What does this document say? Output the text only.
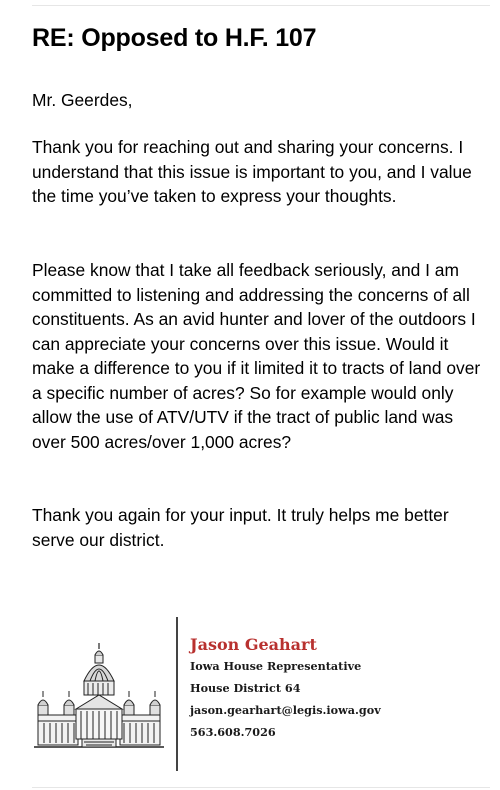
RE: Opposed to H.F. 107

Mr. Geerdes,

Thank you for reaching out and sharing your concerns. I understand that this issue is important to you, and I value the time you’ve taken to express your thoughts.

Please know that I take all feedback seriously, and I am committed to listening and addressing the concerns of all constituents. As an avid hunter and lover of the outdoors I can appreciate your concerns over this issue. Would it make a difference to you if it limited it to tracts of land over a specific number of acres? So for example would only allow the use of ATV/UTV if the tract of public land was over 500 acres/over 1,000 acres?

Thank you again for your input. It truly helps me better serve our district.

Jason Geahart
Iowa House Representative
House District 64
jason.gearhart@legis.iowa.gov
563.608.7026
